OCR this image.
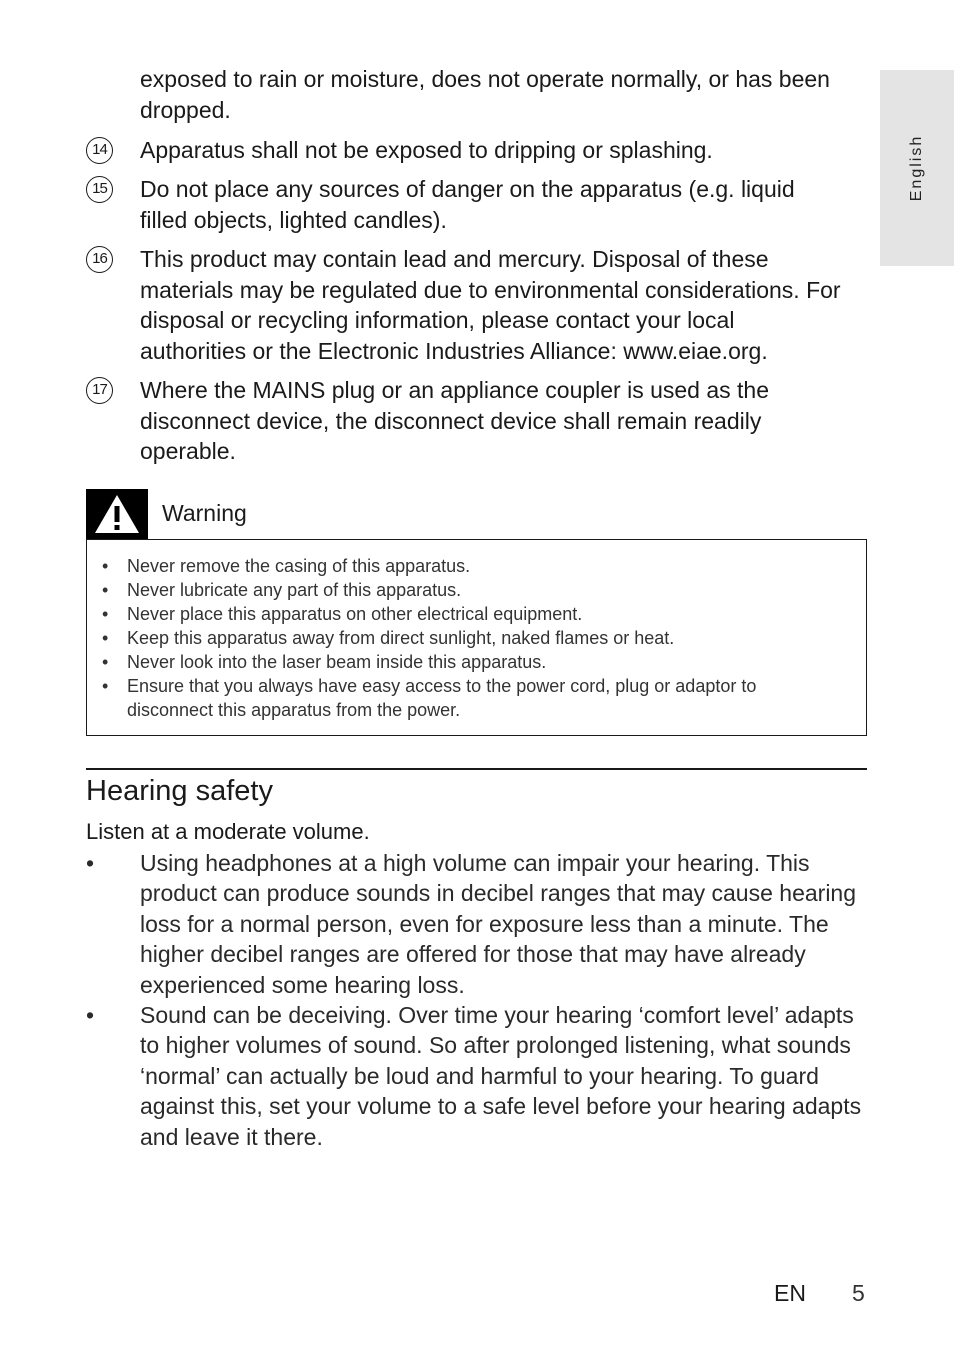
English
exposed to rain or moisture, does not operate normally, or has been dropped.
14 Apparatus shall not be exposed to dripping or splashing.
15 Do not place any sources of danger on the apparatus (e.g. liquid filled objects, lighted candles).
16 This product may contain lead and mercury. Disposal of these materials may be regulated due to environmental considerations. For disposal or recycling information, please contact your local authorities or the Electronic Industries Alliance: www.eiae.org.
17 Where the MAINS plug or an appliance coupler is used as the disconnect device, the disconnect device shall remain readily operable.
Warning
• Never remove the casing of this apparatus.
• Never lubricate any part of this apparatus.
• Never place this apparatus on other electrical equipment.
• Keep this apparatus away from direct sunlight, naked flames or heat.
• Never look into the laser beam inside this apparatus.
• Ensure that you always have easy access to the power cord, plug or adaptor to disconnect this apparatus from the power.
Hearing safety
Listen at a moderate volume.
• Using headphones at a high volume can impair your hearing. This product can produce sounds in decibel ranges that may cause hearing loss for a normal person, even for exposure less than a minute. The higher decibel ranges are offered for those that may have already experienced some hearing loss.
• Sound can be deceiving. Over time your hearing ‘comfort level’ adapts to higher volumes of sound. So after prolonged listening, what sounds ‘normal’ can actually be loud and harmful to your hearing. To guard against this, set your volume to a safe level before your hearing adapts and leave it there.
EN 5
